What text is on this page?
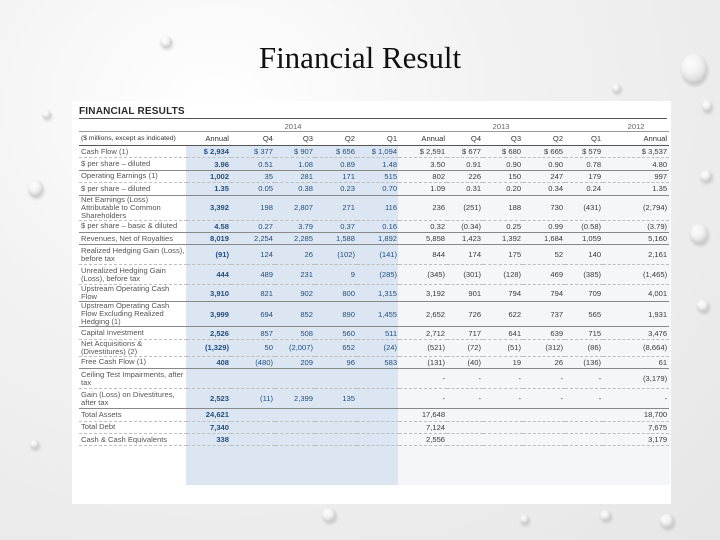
Financial Result
FINANCIAL RESULTS
	2014					2013					2012
($ millions, except as indicated)	Annual	Q4	Q3	Q2	Q1	Annual	Q4	Q3	Q2	Q1	Annual
Cash Flow (1)	$ 2,934	$ 377	$ 907	$ 656	$ 1,094	$ 2,591	$ 677	$ 680	$ 665	$ 579	$ 3,537
$ per share – diluted	3.96	0.51	1.08	0.89	1.48	3.50	0.91	0.90	0.90	0.78	4.80
Operating Earnings (1)	1,002	35	281	171	515	802	226	150	247	179	997
$ per share – diluted	1.35	0.05	0.38	0.23	0.70	1.09	0.31	0.20	0.34	0.24	1.35
Net Earnings (Loss) Attributable to Common Shareholders	3,392	198	2,807	271	116	236	(251)	188	730	(431)	(2,794)
$ per share – basic & diluted	4.58	0.27	3.79	0.37	0.16	0.32	(0.34)	0.25	0.99	(0.58)	(3.79)
Revenues, Net of Royalties	8,019	2,254	2,285	1,588	1,892	5,858	1,423	1,392	1,684	1,059	5,160
Realized Hedging Gain (Loss), before tax	(91)	124	26	(102)	(141)	844	174	175	52	140	2,161
Unrealized Hedging Gain (Loss), before tax	444	489	231	9	(285)	(345)	(301)	(128)	469	(385)	(1,465)
Upstream Operating Cash Flow	3,910	821	902	800	1,315	3,192	901	794	794	709	4,001
Upstream Operating Cash Flow Excluding Realized Hedging (1)	3,999	694	852	890	1,455	2,652	726	622	737	565	1,931
Capital Investment	2,526	857	508	560	511	2,712	717	641	639	715	3,476
Net Acquisitions & (Divestitures) (2)	(1,329)	50	(2,007)	652	(24)	(521)	(72)	(51)	(312)	(86)	(8,664)
Free Cash Flow (1)	408	(480)	209	96	583	(131)	(40)	19	26	(136)	61
Ceiling Test Impairments, after tax						-	-	-	-	-	(3,179)
Gain (Loss) on Divestitures, after tax	2,523	(11)	2,399	135		-	-	-	-	-	-
Total Assets	24,621					17,648					18,700
Total Debt	7,340					7,124					7,675
Cash & Cash Equivalents	338					2,556					3,179
